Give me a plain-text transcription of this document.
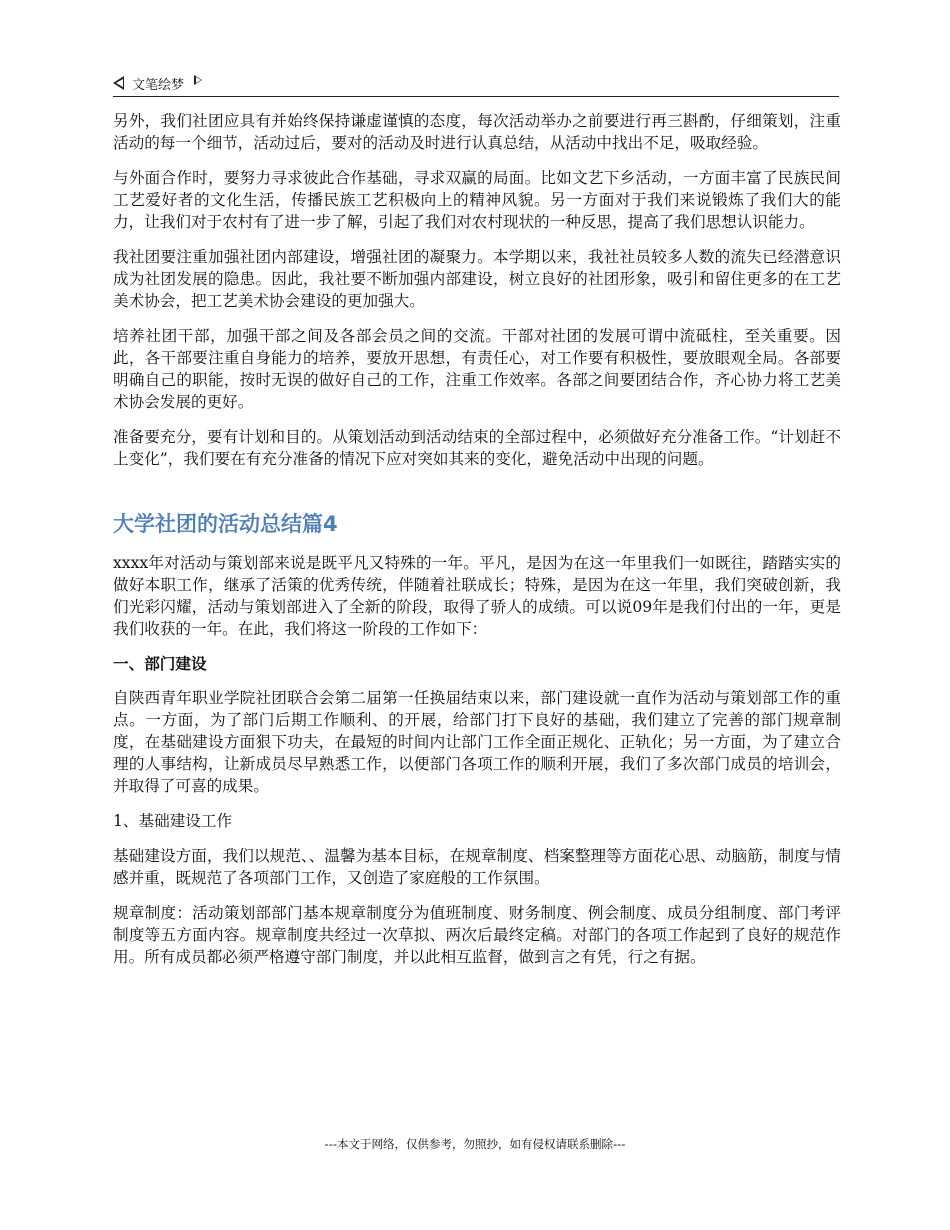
文笔绘梦

另外，我们社团应具有并始终保持谦虚谨慎的态度，每次活动举办之前要进行再三斟酌，仔细策划，注重活动的每一个细节，活动过后，要对的活动及时进行认真总结，从活动中找出不足，吸取经验。

与外面合作时，要努力寻求彼此合作基础，寻求双赢的局面。比如文艺下乡活动，一方面丰富了民族民间工艺爱好者的文化生活，传播民族工艺积极向上的精神风貌。另一方面对于我们来说锻炼了我们大的能力，让我们对于农村有了进一步了解，引起了我们对农村现状的一种反思，提高了我们思想认识能力。

我社团要注重加强社团内部建设，增强社团的凝聚力。本学期以来，我社社员较多人数的流失已经潜意识成为社团发展的隐患。因此，我社要不断加强内部建设，树立良好的社团形象，吸引和留住更多的在工艺美术协会，把工艺美术协会建设的更加强大。

培养社团干部，加强干部之间及各部会员之间的交流。干部对社团的发展可谓中流砥柱，至关重要。因此，各干部要注重自身能力的培养，要放开思想，有责任心，对工作要有积极性，要放眼观全局。各部要明确自己的职能，按时无误的做好自己的工作，注重工作效率。各部之间要团结合作，齐心协力将工艺美术协会发展的更好。

准备要充分，要有计划和目的。从策划活动到活动结束的全部过程中，必须做好充分准备工作。“计划赶不上变化”，我们要在有充分准备的情况下应对突如其来的变化，避免活动中出现的问题。

大学社团的活动总结篇4

xxxx年对活动与策划部来说是既平凡又特殊的一年。平凡，是因为在这一年里我们一如既往，踏踏实实的做好本职工作，继承了活策的优秀传统，伴随着社联成长；特殊，是因为在这一年里，我们突破创新，我们光彩闪耀，活动与策划部进入了全新的阶段，取得了骄人的成绩。可以说09年是我们付出的一年，更是我们收获的一年。在此，我们将这一阶段的工作如下：

一、部门建设

自陕西青年职业学院社团联合会第二届第一任换届结束以来，部门建设就一直作为活动与策划部工作的重点。一方面，为了部门后期工作顺利、的开展，给部门打下良好的基础，我们建立了完善的部门规章制度，在基础建设方面狠下功夫，在最短的时间内让部门工作全面正规化、正轨化；另一方面，为了建立合理的人事结构，让新成员尽早熟悉工作，以便部门各项工作的顺利开展，我们了多次部门成员的培训会，并取得了可喜的成果。

1、基础建设工作

基础建设方面，我们以规范、、温馨为基本目标，在规章制度、档案整理等方面花心思、动脑筋，制度与情感并重，既规范了各项部门工作，又创造了家庭般的工作氛围。

规章制度：活动策划部部门基本规章制度分为值班制度、财务制度、例会制度、成员分组制度、部门考评制度等五方面内容。规章制度共经过一次草拟、两次后最终定稿。对部门的各项工作起到了良好的规范作用。所有成员都必须严格遵守部门制度，并以此相互监督，做到言之有凭，行之有据。

---本文于网络，仅供参考，勿照抄，如有侵权请联系删除---
